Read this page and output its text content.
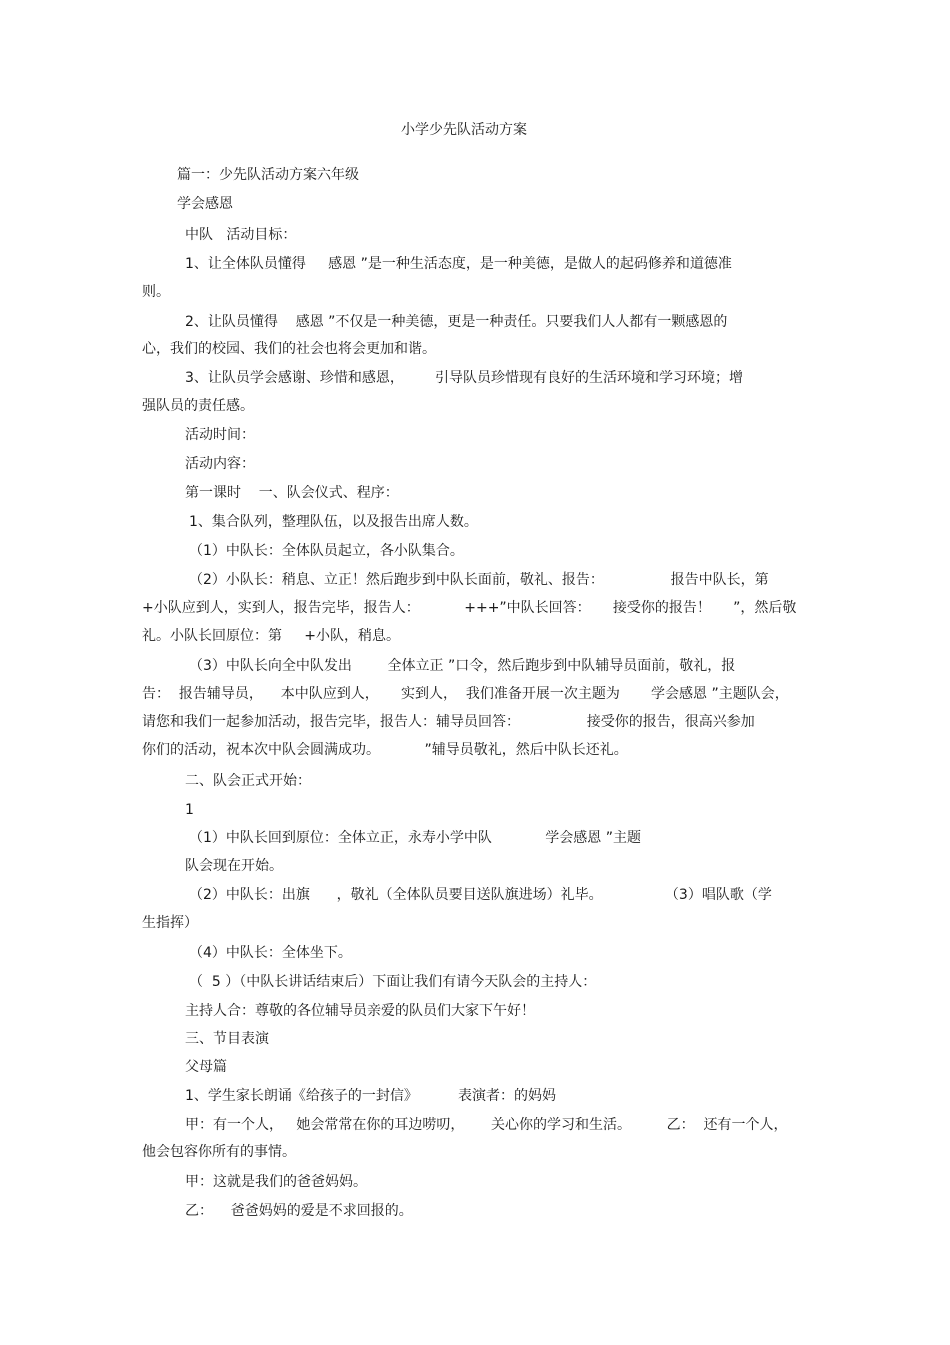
小学少先队活动方案
篇一：少先队活动方案六年级
学会感恩
中队   活动目标：
1、让全体队员懂得     感恩 ”是一种生活态度，是一种美德，是做人的起码修养和道德准
则。
2、让队员懂得    感恩 ”不仅是一种美德，更是一种责任。只要我们人人都有一颗感恩的
心，我们的校园、我们的社会也将会更加和谐。
3、让队员学会感谢、珍惜和感恩，       引导队员珍惜现有良好的生活环境和学习环境；增
强队员的责任感。
活动时间：
活动内容：
第一课时    一、队会仪式、程序：
1、集合队列，整理队伍，以及报告出席人数。
（1）中队长：全体队员起立，各小队集合。
（2）小队长：稍息、立正！然后跑步到中队长面前，敬礼、报告：               报告中队长，第
+小队应到人，实到人，报告完毕，报告人：          +++”中队长回答：     接受你的报告！     ”，然后敬
礼。小队长回原位：第     +小队，稍息。
（3）中队长向全中队发出        全体立正 ”口令，然后跑步到中队辅导员面前，敬礼，报
告：  报告辅导员，    本中队应到人，     实到人，  我们准备开展一次主题为       学会感恩 ”主题队会，
请您和我们一起参加活动，报告完毕，报告人：辅导员回答：               接受你的报告，很高兴参加
你们的活动，祝本次中队会圆满成功。          ”辅导员敬礼，然后中队长还礼。
二、队会正式开始：
1
（1）中队长回到原位：全体立正，永寿小学中队            学会感恩 ”主题
队会现在开始。
（2）中队长：出旗      ，敬礼（全体队员要目送队旗进场）礼毕。              （3）唱队歌（学
生指挥）
（4）中队长：全体坐下。
（  5 ）（中队长讲话结束后）下面让我们有请今天队会的主持人：
主持人合：尊敬的各位辅导员亲爱的队员们大家下午好！
三、节目表演
父母篇
1、学生家长朗诵《给孩子的一封信》         表演者：的妈妈
甲：有一个人，   她会常常在你的耳边唠叨，      关心你的学习和生活。        乙：  还有一个人，
他会包容你所有的事情。
甲：这就是我们的爸爸妈妈。
乙：    爸爸妈妈的爱是不求回报的。
